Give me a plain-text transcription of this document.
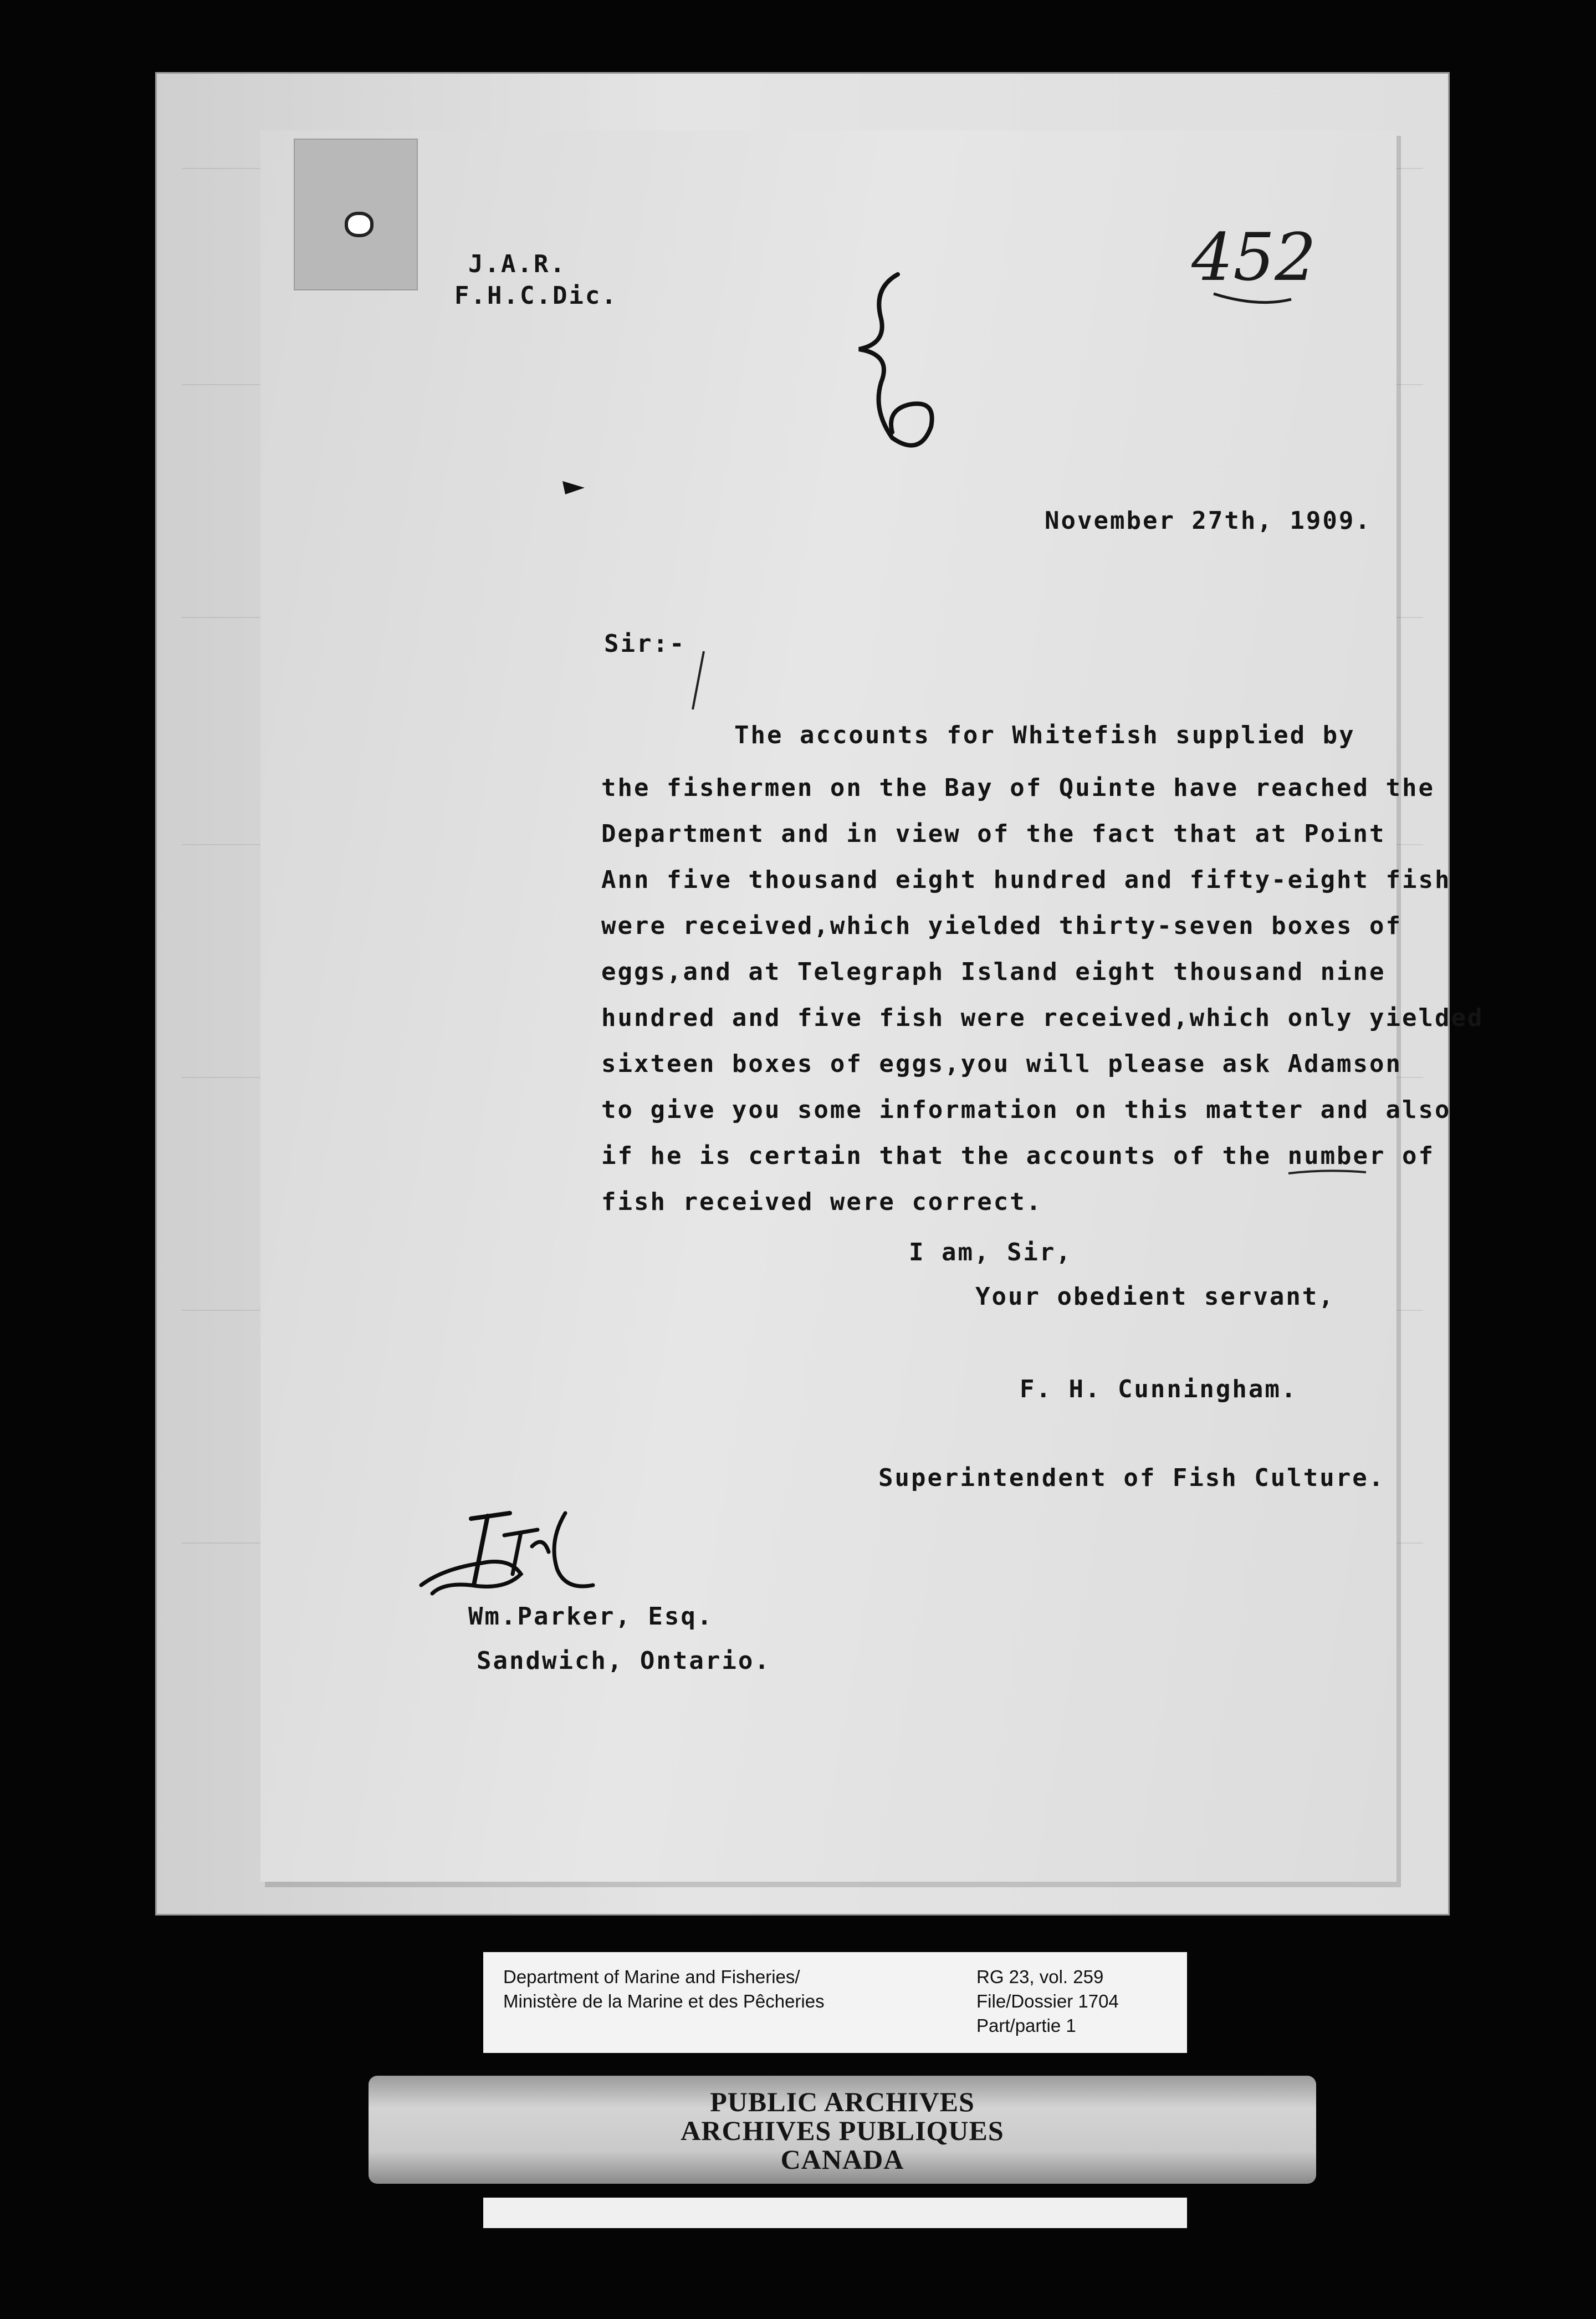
J.A.R.
F.H.C.Dic.
452
November 27th, 1909.
Sir:-
The accounts for Whitefish supplied by
the fishermen on the Bay of Quinte have reached the
Department and in view of the fact that at Point
Ann five thousand eight hundred and fifty-eight fish
were received,which yielded thirty-seven boxes of
eggs,and at Telegraph Island eight thousand nine
hundred and five fish were received,which only yielded
sixteen boxes of eggs,you will please ask Adamson
to give you some information on this matter and also
if he is certain that the accounts of the number of
fish received were correct.
I am, Sir,
Your obedient servant,
F. H. Cunningham.
Superintendent of Fish Culture.
Wm.Parker, Esq.
Sandwich, Ontario.
Department of Marine and Fisheries/
Ministère de la Marine et des Pêcheries
RG 23, vol. 259
File/Dossier 1704
Part/partie 1
PUBLIC ARCHIVES
ARCHIVES PUBLIQUES
CANADA
